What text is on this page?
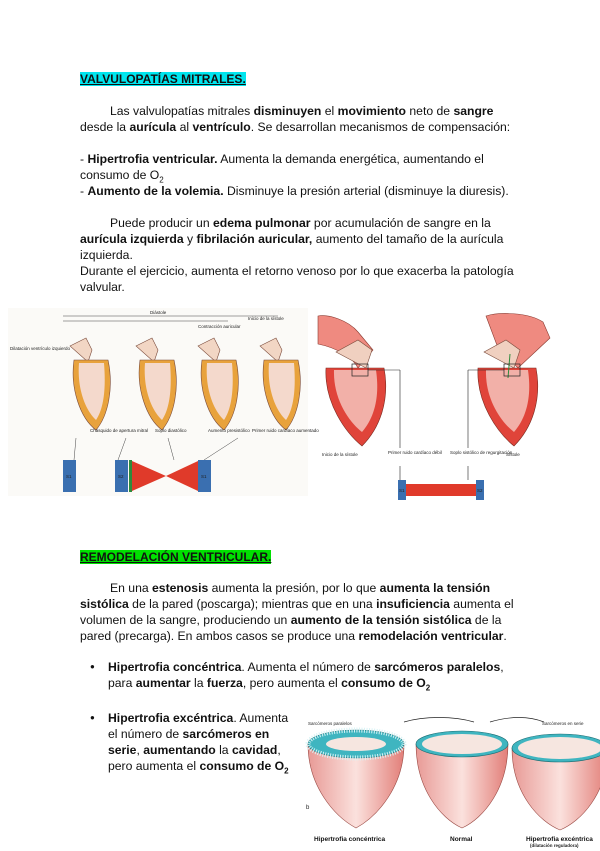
VALVULOPATÍAS MITRALES.
Las valvulopatías mitrales disminuyen el movimiento neto de sangre desde la aurícula al ventrículo. Se desarrollan mecanismos de compensación:
- Hipertrofia ventricular. Aumenta la demanda energética, aumentando el consumo de $O_2$
- Aumento de la volemia. Disminuye la presión arterial (disminuye la diuresis).
Puede producir un edema pulmonar por acumulación de sangre en la aurícula izquierda y fibrilación auricular, aumento del tamaño de la aurícula izquierda.
Durante el ejercicio, aumenta el retorno venoso por lo que exacerba la patología valvular.
Diástole
Inicio de la sístole
Contracción auricular
Dilatación ventrículo izquierdo
Chasquido de apertura mitral Soplo diastólico	Aumento presistólico Primer ruido cardíaco aumentado
S1	S2	S1
Inicio de la sístole	Primer ruido cardíaco débil Soplo sistólico de regurgitación
Sístole
S1	S2
REMODELACIÓN VENTRICULAR.
En una estenosis aumenta la presión, por lo que aumenta la tensión sistólica de la pared (poscarga); mientras que en una insuficiencia aumenta el volumen de la sangre, produciendo un aumento de la tensión sistólica de la pared (precarga). En ambos casos se produce una remodelación ventricular.
● Hipertrofia concéntrica. Aumenta el número de sarcómeros paralelos, para aumentar la fuerza, pero aumenta el consumo de $O_2$
● Hipertrofia excéntrica. Aumenta el número de sarcómeros en serie, aumentando la cavidad, pero aumenta el consumo de $O_2$
Sarcómeros paralelos	Sarcómeros en serie
b
Hipertrofia concéntrica	Normal	Hipertrofia excéntrica
(dilatación reguladora)
